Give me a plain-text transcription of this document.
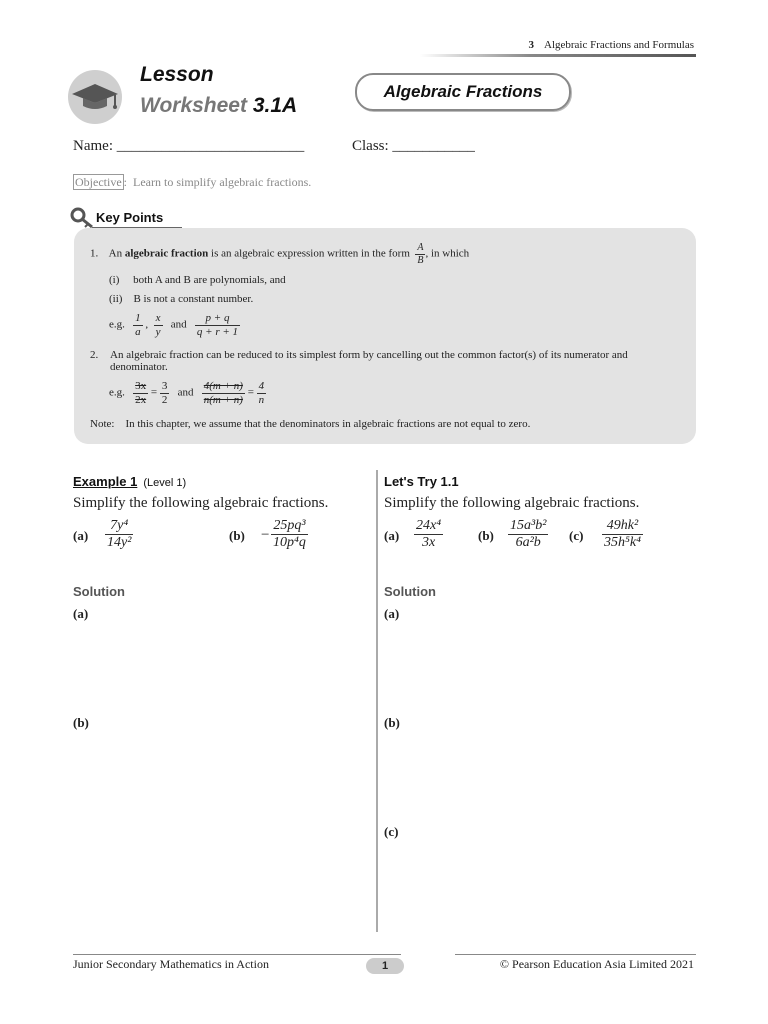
3 Algebraic Fractions and Formulas
Lesson
Worksheet 3.1A
Algebraic Fractions
Name: _________________________	Class: ___________
Objective :  Learn to simplify algebraic fractions.
Key Points
1. An algebraic fraction is an algebraic expression written in the form $\frac{A}{B}$ , in which
(i) both A and B are polynomials, and
(ii) B is not a constant number.
e.g. $\frac{1}{a}$ , $\frac{x}{y}$ and $\frac{p + q}{q + r + 1}$
2. An algebraic fraction can be reduced to its simplest form by cancelling out the common factor(s) of its numerator and denominator.
e.g. $\frac{3x}{2x} = \frac{3}{2}$ and $\frac{4(m + n)}{n(m + n)} = \frac{4}{n}$
Note: In this chapter, we assume that the denominators in algebraic fractions are not equal to zero.
Example 1 (Level 1)
Simplify the following algebraic fractions.
$(a) \frac{\text{7y⁴}}{\text{14y²}}$	$(b) - \frac{\text{25pq³}}{\text{10p⁴q}}$
Solution
(a)
(b)
Let's Try 1.1
Simplify the following algebraic fractions.
$(a) \frac{\text{24x⁴}}{3x}$	$(b) \frac{\text{15a³b²}}{\text{6a²b}} (c) \frac{\text{49hk²}}{\text{35h⁵k⁴}}$
Solution
(a)
(b)
(c)
Junior Secondary Mathematics in Action	1	© Pearson Education Asia Limited 2021
